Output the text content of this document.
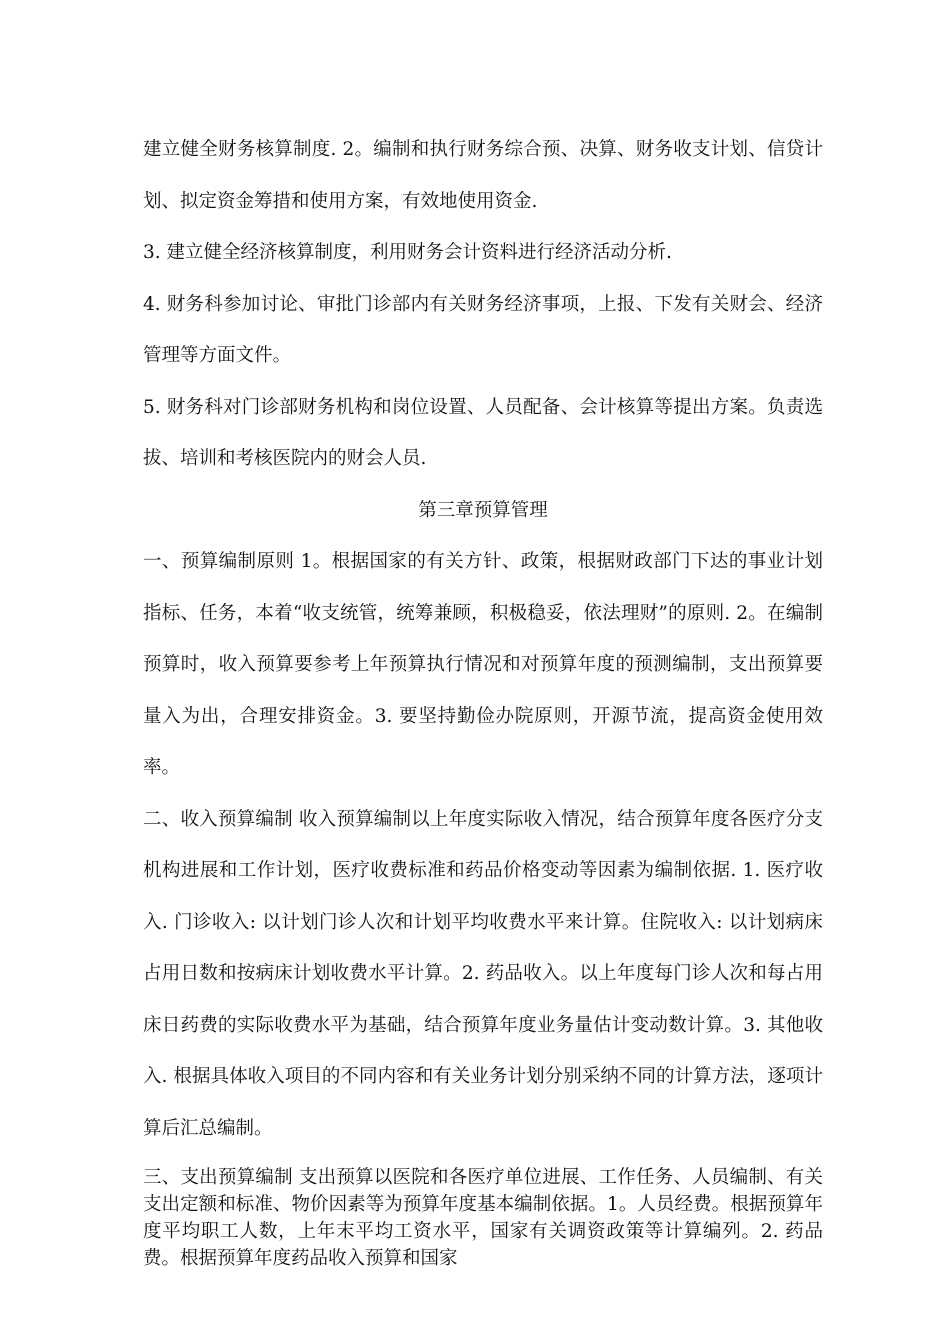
建立健全财务核算制度. 2。编制和执行财务综合预、决算、财务收支计划、信贷计划、拟定资金筹措和使用方案，有效地使用资金.

3. 建立健全经济核算制度，利用财务会计资料进行经济活动分析.

4. 财务科参加讨论、审批门诊部内有关财务经济事项，上报、下发有关财会、经济管理等方面文件。

5. 财务科对门诊部财务机构和岗位设置、人员配备、会计核算等提出方案。负责选拔、培训和考核医院内的财会人员.

第三章预算管理

一、预算编制原则 1。根据国家的有关方针、政策，根据财政部门下达的事业计划指标、任务，本着“收支统管，统筹兼顾，积极稳妥，依法理财”的原则. 2。在编制预算时，收入预算要参考上年预算执行情况和对预算年度的预测编制，支出预算要量入为出，合理安排资金。3. 要坚持勤俭办院原则，开源节流，提高资金使用效率。

二、收入预算编制 收入预算编制以上年度实际收入情况，结合预算年度各医疗分支机构进展和工作计划，医疗收费标准和药品价格变动等因素为编制依据. 1. 医疗收入. 门诊收入: 以计划门诊人次和计划平均收费水平来计算。住院收入: 以计划病床占用日数和按病床计划收费水平计算。2. 药品收入。以上年度每门诊人次和每占用床日药费的实际收费水平为基础，结合预算年度业务量估计变动数计算。3. 其他收入. 根据具体收入项目的不同内容和有关业务计划分别采纳不同的计算方法，逐项计算后汇总编制。

三、支出预算编制 支出预算以医院和各医疗单位进展、工作任务、人员编制、有关支出定额和标准、物价因素等为预算年度基本编制依据。1。人员经费。根据预算年度平均职工人数，上年末平均工资水平，国家有关调资政策等计算编列。2. 药品费。根据预算年度药品收入预算和国家
